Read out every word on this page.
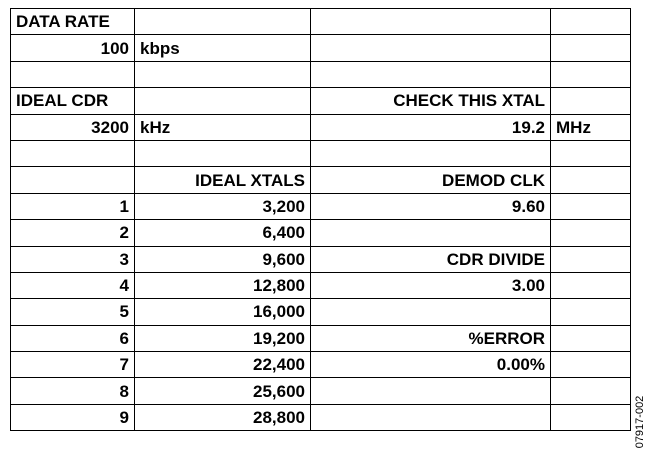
DATA RATE			
100	kbps		

IDEAL CDR		CHECK THIS XTAL	
3200	kHz	19.2	MHz

	IDEAL XTALS	DEMOD CLK	
1	3,200	9.60	
2	6,400		
3	9,600	CDR DIVIDE	
4	12,800	3.00	
5	16,000		
6	19,200	%ERROR	
7	22,400	0.00%	
8	25,600		
9	28,800			07917-002
